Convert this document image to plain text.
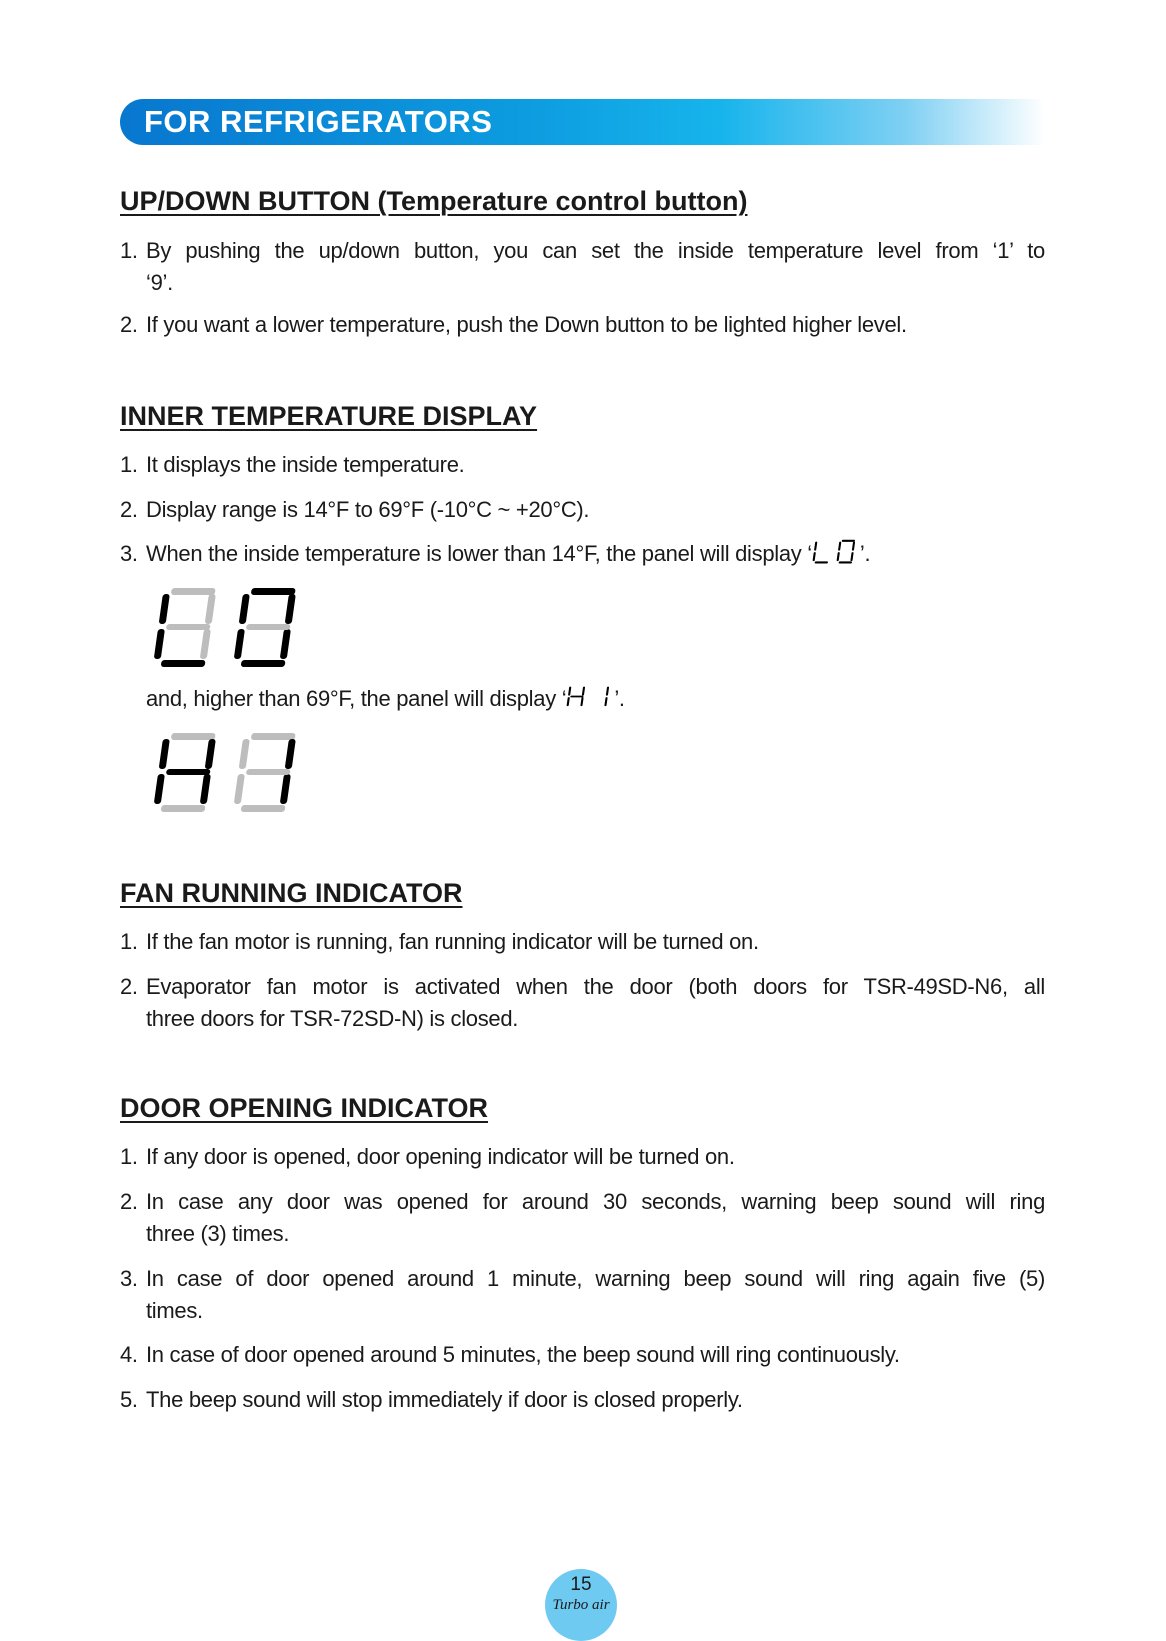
FOR REFRIGERATORS
UP/DOWN BUTTON (Temperature control button)

1. By pushing the up/down button, you can set the inside temperature level from ‘1’ to
‘9’.

2. If you want a lower temperature, push the Down button to be lighted higher level.

INNER TEMPERATURE DISPLAY

1. It displays the inside temperature.

2. Display range is 14°F to 69°F (-10°C ~ +20°C).

3. When the inside temperature is lower than 14°F, the panel will display ‘ ’.

and, higher than 69°F, the panel will display ‘ ’.

FAN RUNNING INDICATOR

1. If the fan motor is running, fan running indicator will be turned on.

2. Evaporator fan motor is activated when the door (both doors for TSR-49SD-N6, all
three doors for TSR-72SD-N) is closed.

DOOR OPENING INDICATOR

1. If any door is opened, door opening indicator will be turned on.

2. In case any door was opened for around 30 seconds, warning beep sound will ring
three (3) times.

3. In case of door opened around 1 minute, warning beep sound will ring again five (5)
times.

4. In case of door opened around 5 minutes, the beep sound will ring continuously.

5. The beep sound will stop immediately if door is closed properly.

15
Turbo air
